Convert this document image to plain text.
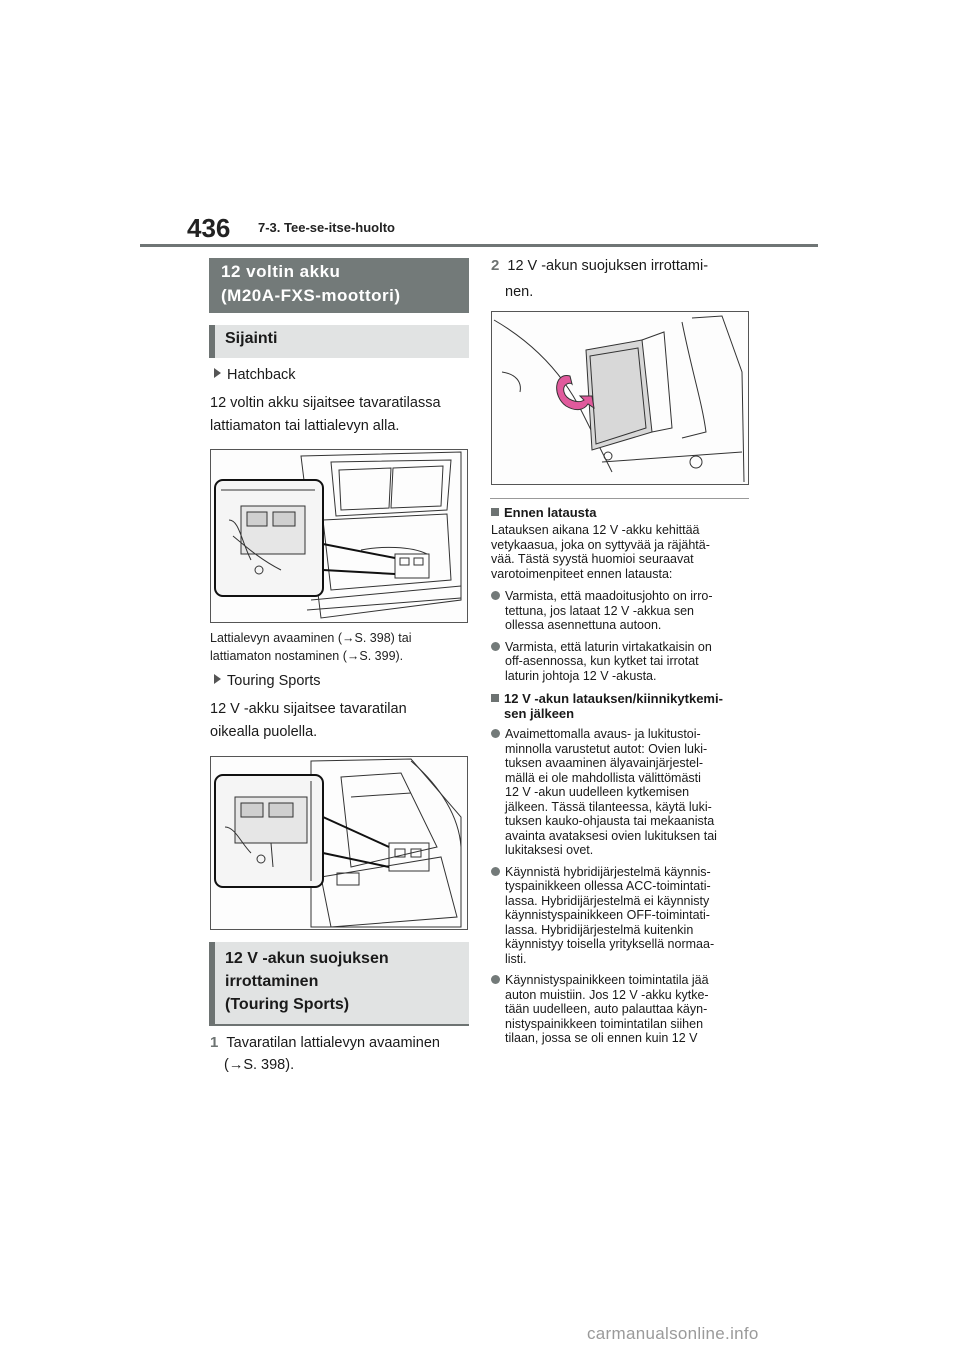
436 7-3. Tee-se-itse-huolto
12 voltin akku
(M20A-FXS-moottori)
Sijainti
Hatchback
12 voltin akku sijaitsee tavaratilassa
lattiamaton tai lattialevyn alla.
Lattialevyn avaaminen (→S. 398) tai
lattiamaton nostaminen (→S. 399).
Touring Sports
12 V -akku sijaitsee tavaratilan
oikealla puolella.
12 V -akun suojuksen
irrottaminen
(Touring Sports)
1 Tavaratilan lattialevyn avaaminen
(→S. 398).
2 12 V -akun suojuksen irrottami-
nen.
Ennen latausta
Latauksen aikana 12 V -akku kehittää
vetykaasua, joka on syttyvää ja räjähtä-
vää. Tästä syystä huomioi seuraavat
varotoimenpiteet ennen latausta:
Varmista, että maadoitusjohto on irro-
tettuna, jos lataat 12 V -akkua sen
ollessa asennettuna autoon.
Varmista, että laturin virtakatkaisin on
off-asennossa, kun kytket tai irrotat
laturin johtoja 12 V -akusta.
12 V -akun latauksen/kiinnikytkemi-
sen jälkeen
Avaimettomalla avaus- ja lukitustoi-
minnolla varustetut autot: Ovien luki-
tuksen avaaminen älyavainjärjestel-
mällä ei ole mahdollista välittömästi
12 V -akun uudelleen kytkemisen
jälkeen. Tässä tilanteessa, käytä luki-
tuksen kauko-ohjausta tai mekaanista
avainta avataksesi ovien lukituksen tai
lukitaksesi ovet.
Käynnistä hybridijärjestelmä käynnis-
tyspainikkeen ollessa ACC-toimintati-
lassa. Hybridijärjestelmä ei käynnisty
käynnistyspainikkeen OFF-toimintati-
lassa. Hybridijärjestelmä kuitenkin
käynnistyy toisella yrityksellä normaa-
listi.
Käynnistyspainikkeen toimintatila jää
auton muistiin. Jos 12 V -akku kytke-
tään uudelleen, auto palauttaa käyn-
nistyspainikkeen toimintatilan siihen
tilaan, jossa se oli ennen kuin 12 V
carmanualsonline.info
